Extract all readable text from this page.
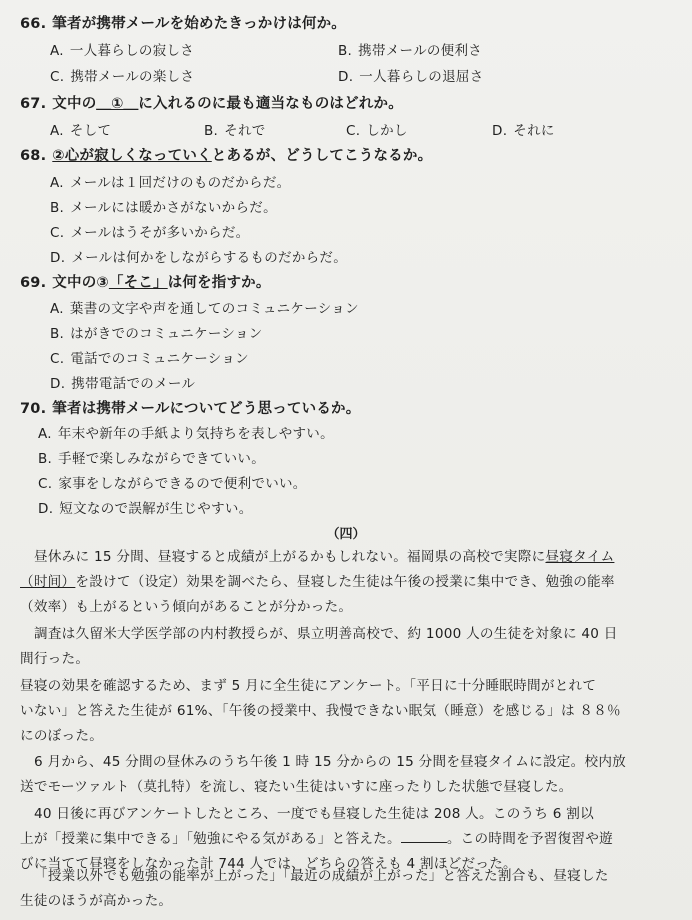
66. 筆者が携帯メールを始めたきっかけは何か。
A. 一人暮らしの寂しさ	B. 携帯メールの便利さ
C. 携帯メールの楽しさ	D. 一人暮らしの退屈さ
67. 文中の＿①＿に入れるのに最も適当なものはどれか。
A. そして	B. それで	C. しかし	D. それに
68. ②心が寂しくなっていくとあるが、どうしてこうなるか。
A. メールは１回だけのものだからだ。
B. メールには暖かさがないからだ。
C. メールはうそが多いからだ。
D. メールは何かをしながらするものだからだ。
69. 文中の③「そこ」は何を指すか。
A. 葉書の文字や声を通してのコミュニケーション
B. はがきでのコミュニケーション
C. 電話でのコミュニケーション
D. 携帯電話でのメール
70. 筆者は携帯メールについてどう思っているか。
A. 年末や新年の手紙より気持ちを表しやすい。
B. 手軽で楽しみながらできていい。
C. 家事をしながらできるので便利でいい。
D. 短文なので誤解が生じやすい。
（四）
昼休みに 15 分間、昼寝すると成績が上がるかもしれない。福岡県の高校で実際に昼寝タイム
（时间）を設けて（设定）効果を調べたら、昼寝した生徒は午後の授業に集中でき、勉強の能率
（效率）も上がるという傾向があることが分かった。
調査は久留米大学医学部の内村教授らが、県立明善高校で、約 1000 人の生徒を対象に 40 日
間行った。
昼寝の効果を確認するため、まず 5 月に全生徒にアンケート。「平日に十分睡眠時間がとれて
いない」と答えた生徒が 61%、「午後の授業中、我慢できない眠気（睡意）を感じる」は ８８％
にのぼった。
6 月から、45 分間の昼休みのうち午後 1 時 15 分からの 15 分間を昼寝タイムに設定。校内放
送でモーツァルト（莫扎特）を流し、寝たい生徒はいすに座ったりした状態で昼寝した。
40 日後に再びアンケートしたところ、一度でも昼寝した生徒は 208 人。このうち 6 割以
上が「授業に集中できる」「勉強にやる気がある」と答えた。	。この時間を予習復習や遊
びに当てて昼寝をしなかった計 744 人では、どちらの答えも 4 割ほどだった。
「授業以外でも勉強の能率が上がった」「最近の成績が上がった」と答えた割合も、昼寝した
生徒のほうが高かった。
